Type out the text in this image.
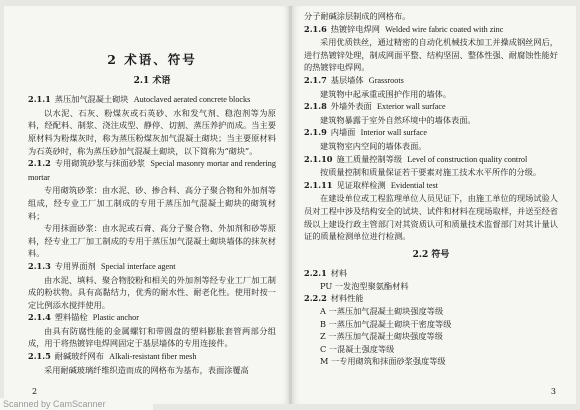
2 术语、符号
2.1 术语

2.1.1 蒸压加气混凝土砌块 Autoclaved aerated concrete blocks

以水泥、石灰、粉煤灰或石英砂、水和发气剂、稳泡剂等为原料，经配料、制浆、浇注成型、静停、切割、蒸压养护而成。当主要原材料为粉煤灰时，称为蒸压粉煤灰加气混凝土砌块；当主要原材料为石英砂时，称为蒸压砂加气混凝土砌块，以下简称为“砌块”。

2.1.2 专用砌筑砂浆与抹面砂浆 Special masonry mortar and rendering mortar

专用砌筑砂浆：由水泥、砂、掺合料、高分子聚合物和外加剂等组成，经专业工厂加工制成的专用于蒸压加气混凝土砌块的砌筑材料；

专用抹面砂浆：由水泥或石膏、高分子聚合物、外加剂和砂等原料，经专业工厂加工制成的专用于蒸压加气混凝土砌块墙体的抹灰材料。

2.1.3 专用界面剂 Special interface agent

由水泥、填料、聚合物胶粉和相关的外加剂等经专业工厂加工制成的粉状物。具有高黏结力，优秀的耐水性、耐老化性。使用时按一定比例添水搅拌使用。

2.1.4 塑料锚栓 Plastic anchor

由具有防腐性能的金属螺钉和带圆盘的塑料膨胀套管两部分组成，用于将热镀锌电焊网固定于基层墙体的专用连接件。

2.1.5 耐碱玻纤网布 Alkali-resistant fiber mesh

采用耐碱玻璃纤维织造而成的网格布为基布，表面涂覆高

2

分子耐碱涂层制成的网格布。

2.1.6 热镀锌电焊网 Welded wire fabric coated with zinc

采用优质铁丝，通过精密的自动化机械技术加工并操成钢丝网后，进行热镀锌处理，制成网面平整、结构坚固、整体性强、耐腐蚀性能好的热镀锌电焊网。

2.1.7 基层墙体 Grassroots

建筑物中起承重或围护作用的墙体。

2.1.8 外墙外表面 Exterior wall surface

建筑物暴露于室外自然环境中的墙体表面。

2.1.9 内墙面 Interior wall surface

建筑物室内空间的墙体表面。

2.1.10 施工质量控制等级 Level of construction quality control

按质量控制和质量保证若干要素对施工技术水平所作的分级。

2.1.11 见证取样检测 Evidential test

在建设单位或工程监理单位人员见证下，由施工单位的现场试验人员对工程中涉及结构安全的试块、试件和材料在现场取样，并送至经省级以上建设行政主管部门对其资质认可和质量技术监督部门对其计量认证的质量检测单位进行检测。

2.2 符号

2.2.1 材料

PU 一发泡型聚氨酯材料

2.2.2 材料性能

A 一蒸压加气混凝土砌块强度等级

B 一蒸压加气混凝土砌块干密度等级

Z 一蒸压加气混凝土砌块强度等级

C 一混凝土强度等级

M 一专用砌筑和抹面砂浆强度等级

3
Scanned by CamScanner
